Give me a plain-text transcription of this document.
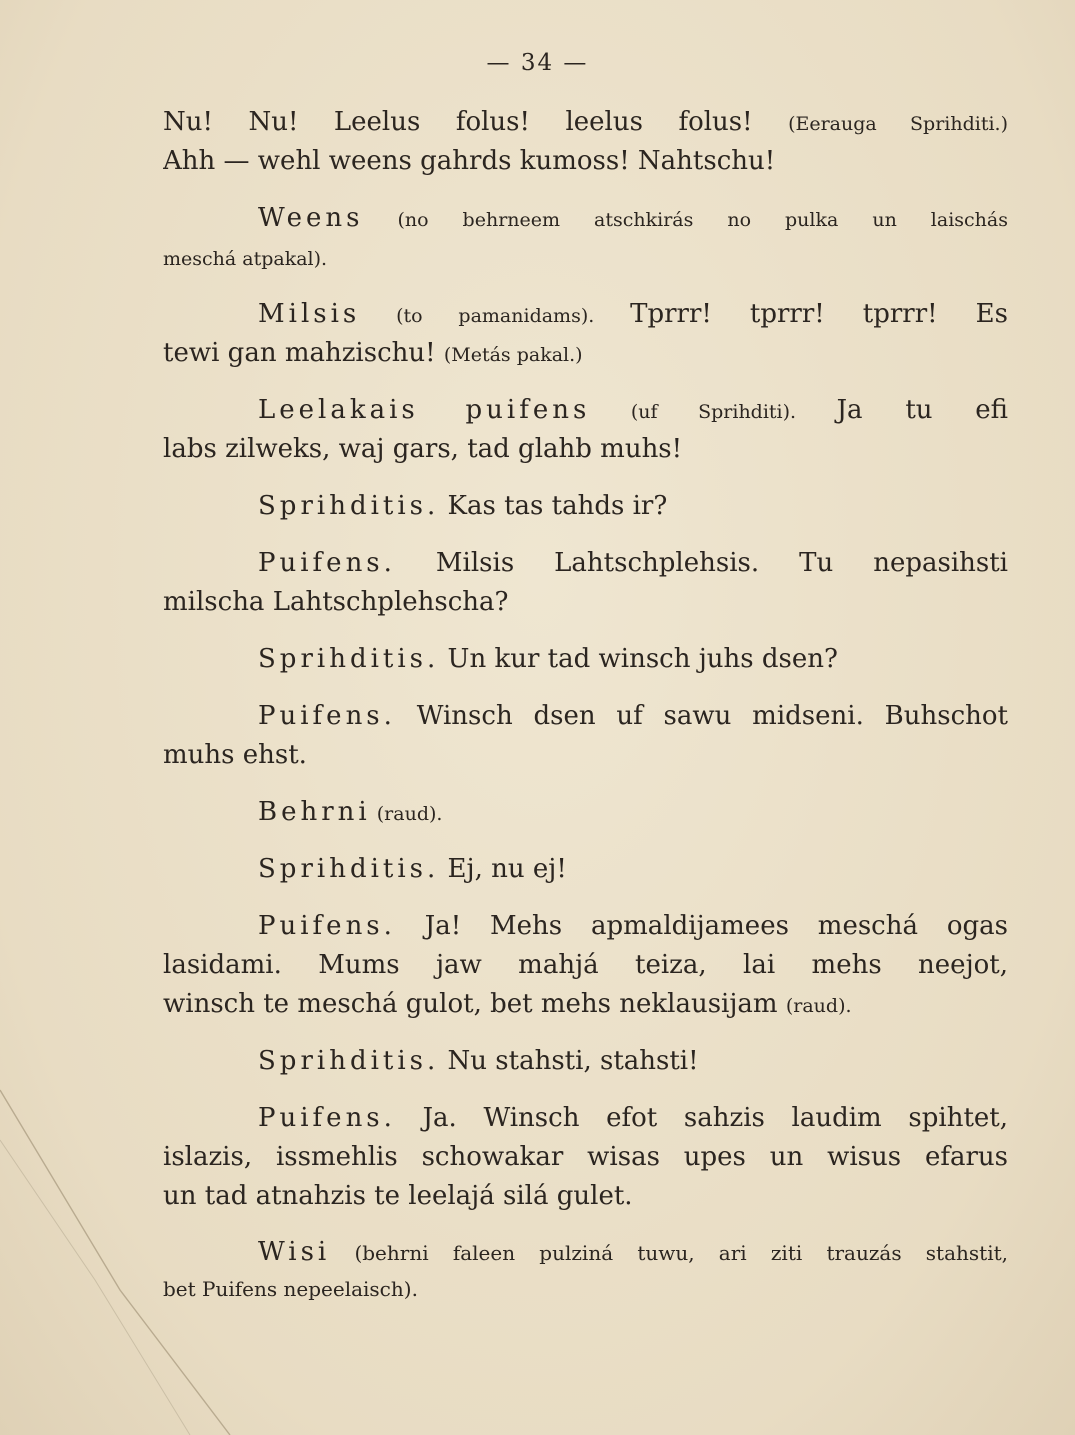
— 34 —
Nu! Nu! Leelus folus! leelus folus! (Eeraugа Sprihditi.)
Ahh — wehl weens gahrds kumoss! Nahtschu!
Weens (no behrneem atschkirás no pulka un laischás
meschá atpakal).
Milsis (to pamanidams). Tprrr! tprrr! tprrr! Es
tewi gan mahzischu! (Metás pakal.)
Leelakais puifens (uf Sprihditi). Ja tu efi
labs zilweks, waj gars, tad glahb muhs!
Sprihditis. Kas tas tahds ir?
Puifens. Milsis Lahtschplehsis. Tu nepasihsti
milscha Lahtschplehscha?
Sprihditis. Un kur tad winsch juhs dsen?
Puifens. Winsch dsen uf sawu midseni. Buhschot
muhs ehst.
Behrni (raud).
Sprihditis. Ej, nu ej!
Puifens. Ja! Mehs apmaldijamees meschá ogas
lasidami. Mums jaw mahjá teiza, lai mehs neejot,
winsch te meschá gulot, bet mehs neklausijam (raud).
Sprihditis. Nu stahsti, stahsti!
Puifens. Ja. Winsch efot sahzis laudim spihtet,
islazis, issmehlis schowakar wisas upes un wisus efarus
un tad atnahzis te leelajá silá gulet.
Wisi (behrni faleen pulziná tuwu, ari ziti trauzás stahstit,
bet Puifens nepeelaisch).
